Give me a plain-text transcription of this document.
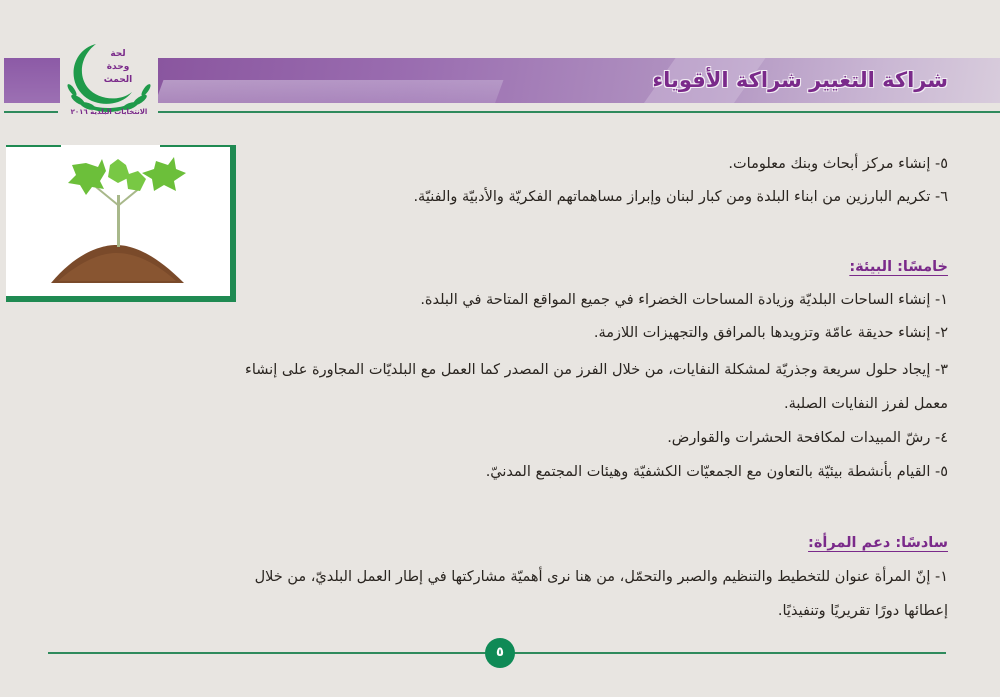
شراكة التغيير شراكة الأقوياء
لحة
وحدة
الحمث
الانتخابات البلدية ٢٠١٦
٥- إنشاء مركز أبحاث وبنك معلومات.
٦- تكريم البارزين من ابناء البلدة ومن كبار لبنان وإبراز مساهماتهم الفكريّة والأدبيّة والفنيّة.
خامسًا: البيئة:
١- إنشاء الساحات البلديّة وزيادة المساحات الخضراء في جميع المواقع المتاحة في البلدة.
٢- إنشاء حديقة عامّة وتزويدها بالمرافق والتجهيزات اللازمة.
٣- إيجاد حلول سريعة وجذريّة لمشكلة النفايات، من خلال الفرز من المصدر كما العمل مع البلديّات المجاورة على إنشاء
معمل لفرز النفايات الصلبة.
٤- رشّ المبيدات لمكافحة الحشرات والقوارض.
٥- القيام بأنشطة بيئيّة بالتعاون مع الجمعيّات الكشفيّة وهيئات المجتمع المدنيّ.
سادسًا: دعم المرأة:
١- إنّ المرأة عنوان للتخطيط والتنظيم والصبر والتحمّل، من هنا نرى أهميّة مشاركتها في إطار العمل البلديّ، من خلال
إعطائها دورًا تقريريًا وتنفيذيًا.
٥
